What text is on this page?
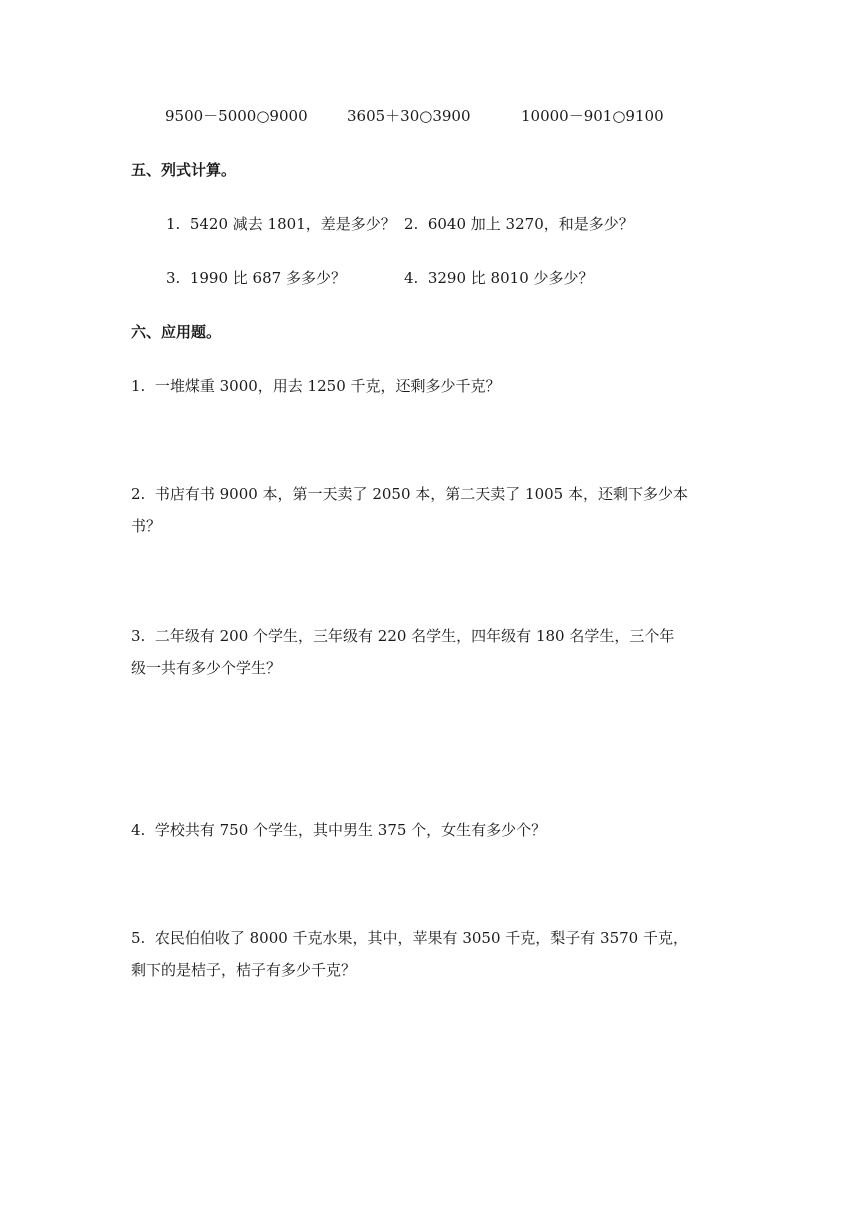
9500－5000○9000	3605＋30○3900	10000－901○9100
五、列式计算。
1.  5420 减去 1801，差是多少？ 2.  6040 加上 3270，和是多少？
3.  1990 比 687 多多少？	4.  3290 比 8010 少多少？
六、应用题。
1.  一堆煤重 3000，用去 1250 千克，还剩多少千克？
2.  书店有书 9000 本，第一天卖了 2050 本，第二天卖了 1005 本，还剩下多少本
书？
3.  二年级有 200 个学生，三年级有 220 名学生，四年级有 180 名学生，三个年
级一共有多少个学生？
4.  学校共有 750 个学生，其中男生 375 个，女生有多少个？
5.  农民伯伯收了 8000 千克水果，其中，苹果有 3050 千克，梨子有 3570 千克，
剩下的是桔子，桔子有多少千克？
